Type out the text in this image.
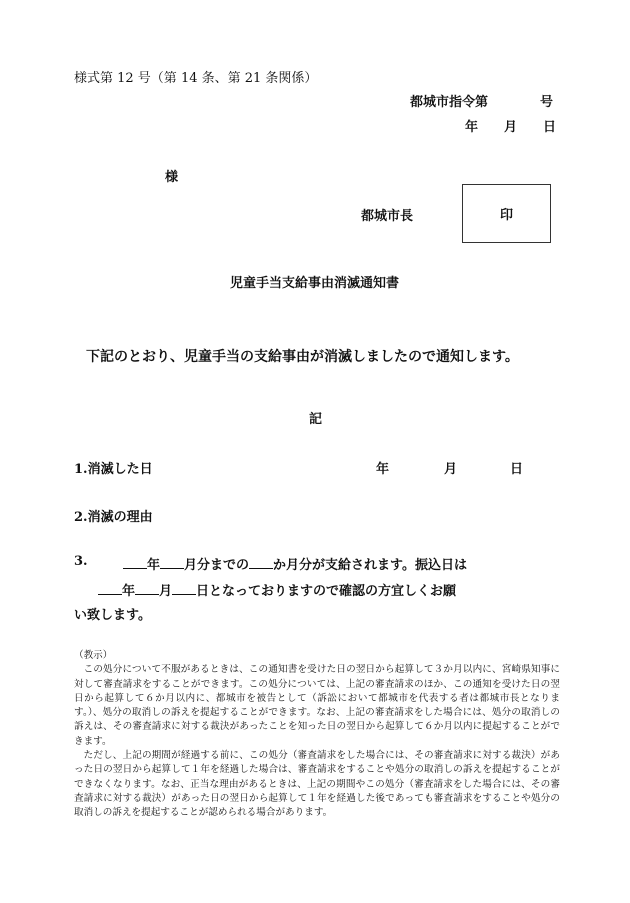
様式第 12 号（第 14 条、第 21 条関係）
都城市指令第　　　　号
年　　月　　日
様
都城市長	印
児童手当支給事由消滅通知書
下記のとおり、児童手当の支給事由が消滅しましたので通知します。
記
1.消滅した日	年	月	日
2.消滅の理由
3.	年 月分までの か月分が支給されます。振込日は
年 月 日となっておりますので確認の方宜しくお願
い致します。
（教示）

この処分について不服があるときは、この通知書を受けた日の翌日から起算して３か月以内に、宮崎県知事に対して審査請求をすることができます。この処分については、上記の審査請求のほか、この通知を受けた日の翌日から起算して６か月以内に、都城市を被告として（訴訟において都城市を代表する者は都城市長となります。）、処分の取消しの訴えを提起することができます。なお、上記の審査請求をした場合には、処分の取消しの訴えは、その審査請求に対する裁決があったことを知った日の翌日から起算して６か月以内に提起することができます。

ただし、上記の期間が経過する前に、この処分（審査請求をした場合には、その審査請求に対する裁決）があった日の翌日から起算して１年を経過した場合は、審査請求をすることや処分の取消しの訴えを提起することができなくなります。なお、正当な理由があるときは、上記の期間やこの処分（審査請求をした場合には、その審査請求に対する裁決）があった日の翌日から起算して１年を経過した後であっても審査請求をすることや処分の取消しの訴えを提起することが認められる場合があります。
